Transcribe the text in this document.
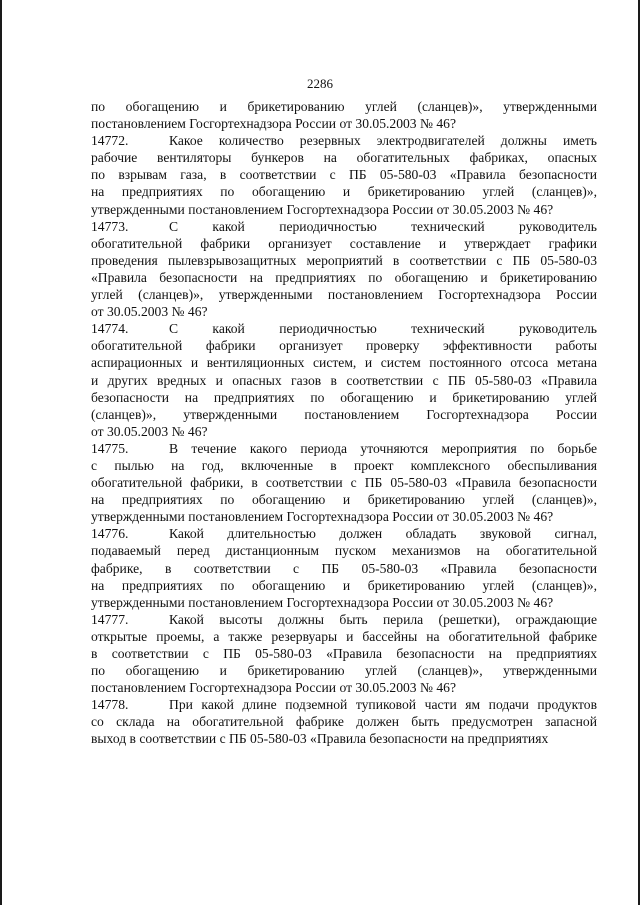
2286
по обогащению и брикетированию углей (сланцев)», утвержденными
постановлением Госгортехнадзора России от 30.05.2003 № 46?
14772.	Какое количество резервных электродвигателей должны иметь
рабочие вентиляторы бункеров на обогатительных фабриках, опасных
по взрывам газа, в соответствии с ПБ 05-580-03 «Правила безопасности
на предприятиях по обогащению и брикетированию углей (сланцев)»,
утвержденными постановлением Госгортехнадзора России от 30.05.2003 № 46?
14773.	С какой периодичностью технический руководитель
обогатительной фабрики организует составление и утверждает графики
проведения пылевзрывозащитных мероприятий в соответствии с ПБ 05-580-03
«Правила безопасности на предприятиях по обогащению и брикетированию
углей (сланцев)», утвержденными постановлением Госгортехнадзора России
от 30.05.2003 № 46?
14774.	С какой периодичностью технический руководитель
обогатительной фабрики организует проверку эффективности работы
аспирационных и вентиляционных систем, и систем постоянного отсоса метана
и других вредных и опасных газов в соответствии с ПБ 05-580-03 «Правила
безопасности на предприятиях по обогащению и брикетированию углей
(сланцев)», утвержденными постановлением Госгортехнадзора России
от 30.05.2003 № 46?
14775.	В течение какого периода уточняются мероприятия по борьбе
с пылью на год, включенные в проект комплексного обеспыливания
обогатительной фабрики, в соответствии с ПБ 05-580-03 «Правила безопасности
на предприятиях по обогащению и брикетированию углей (сланцев)»,
утвержденными постановлением Госгортехнадзора России от 30.05.2003 № 46?
14776.	Какой длительностью должен обладать звуковой сигнал,
подаваемый перед дистанционным пуском механизмов на обогатительной
фабрике, в соответствии с ПБ 05-580-03 «Правила безопасности
на предприятиях по обогащению и брикетированию углей (сланцев)»,
утвержденными постановлением Госгортехнадзора России от 30.05.2003 № 46?
14777.	Какой высоты должны быть перила (решетки), ограждающие
открытые проемы, а также резервуары и бассейны на обогатительной фабрике
в соответствии с ПБ 05-580-03 «Правила безопасности на предприятиях
по обогащению и брикетированию углей (сланцев)», утвержденными
постановлением Госгортехнадзора России от 30.05.2003 № 46?
14778.	При какой длине подземной тупиковой части ям подачи продуктов
со склада на обогатительной фабрике должен быть предусмотрен запасной
выход в соответствии с ПБ 05-580-03 «Правила безопасности на предприятиях
